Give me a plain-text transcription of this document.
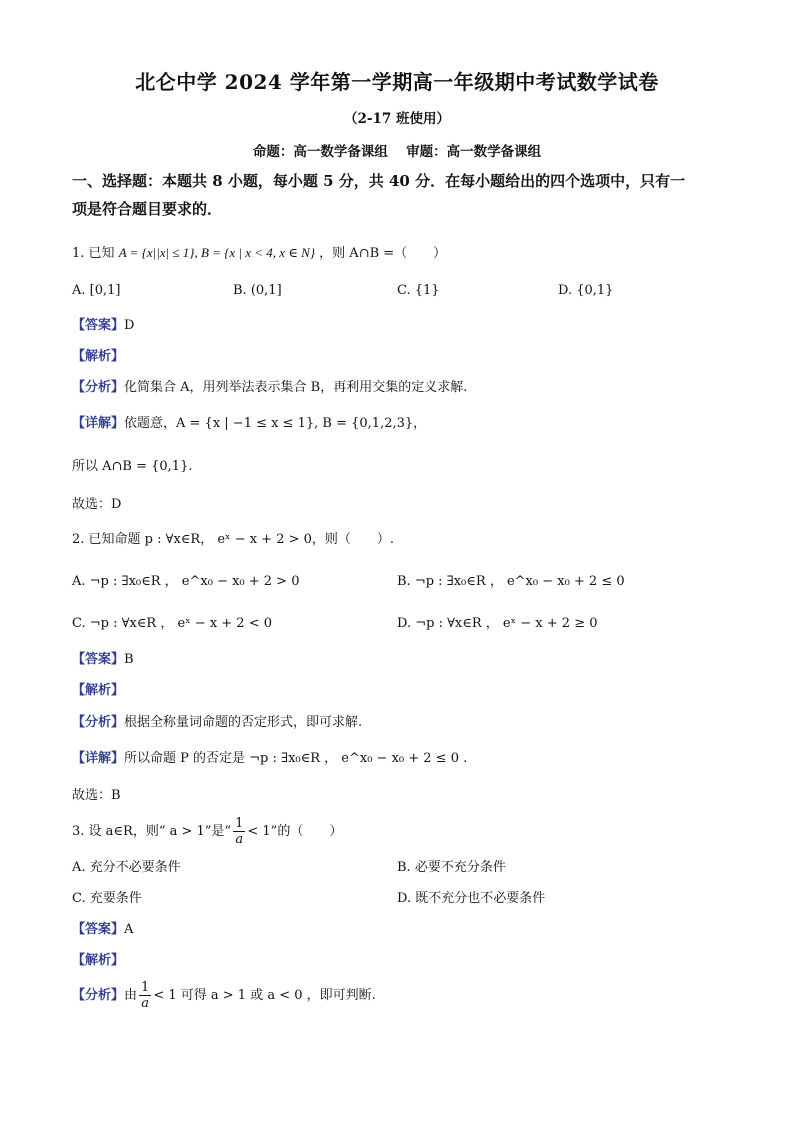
北仑中学 2024 学年第一学期高一年级期中考试数学试卷
（2-17 班使用）
命题：高一数学备课组　 审题：高一数学备课组
一、选择题：本题共 8 小题，每小题 5 分，共 40 分．在每小题给出的四个选项中，只有一
项是符合题目要求的．
1. 已知 A = {x||x| ≤ 1}, B = {x | x < 4, x ∈ N} ，则 A∩B =（　　）
A. [0,1]	B. (0,1]	C. {1}	D. {0,1}
【答案】D
【解析】
【分析】化简集合 A，用列举法表示集合 B，再利用交集的定义求解.
【详解】依题意，A = {x | −1 ≤ x ≤ 1}, B = {0,1,2,3}，
所以 A∩B = {0,1}.
故选：D
2. 已知命题 p : ∀x∈R， eˣ − x + 2 > 0，则（　　）.
A. ¬p : ∃x₀∈R ， e^x₀ − x₀ + 2 > 0	B. ¬p : ∃x₀∈R ， e^x₀ − x₀ + 2 ≤ 0
C. ¬p : ∀x∈R ， eˣ − x + 2 < 0	D. ¬p : ∀x∈R ， eˣ − x + 2 ≥ 0
【答案】B
【解析】
【分析】根据全称量词命题的否定形式，即可求解.
【详解】所以命题 P 的否定是 ¬p : ∃x₀∈R ， e^x₀ − x₀ + 2 ≤ 0 .
故选：B
3. 设 a∈R，则“ a > 1”是“ $\frac{1}{a} < 1$”的（　　）
A. 充分不必要条件	B. 必要不充分条件
C. 充要条件	D. 既不充分也不必要条件
【答案】A
【解析】
【分析】由 $\frac{1}{a} < 1$ 可得 a > 1 或 a < 0 ，即可判断.
